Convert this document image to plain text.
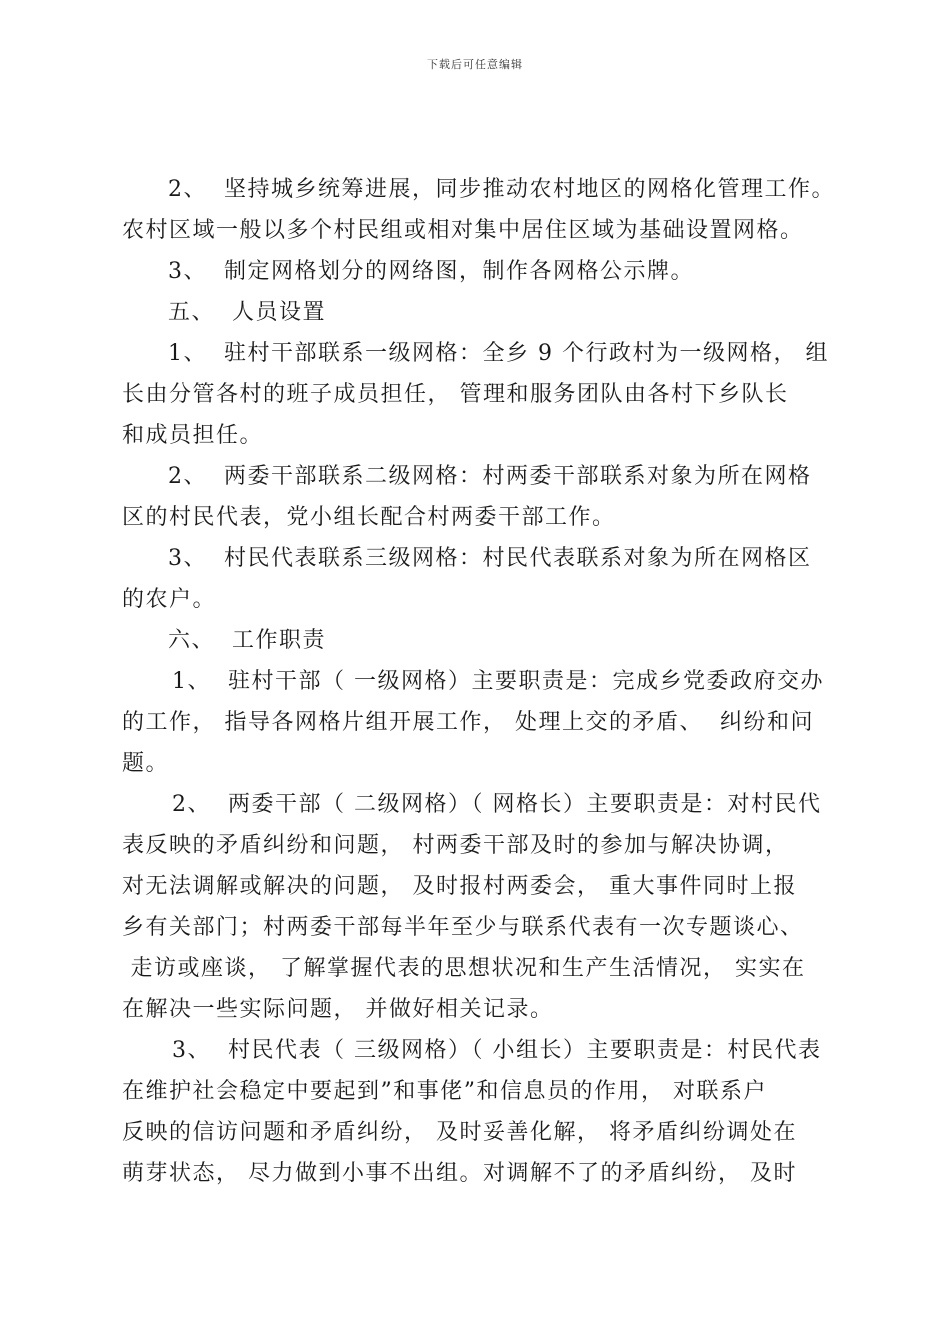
下载后可任意编辑
2、  坚持城乡统筹进展，同步推动农村地区的网格化管理工作。
农村区域一般以多个村民组或相对集中居住区域为基础设置网格。
3、  制定网格划分的网络图，制作各网格公示牌。
五、  人员设置
1、  驻村干部联系一级网格：全乡 9 个行政村为一级网格， 组
长由分管各村的班子成员担任， 管理和服务团队由各村下乡队长
和成员担任。
2、  两委干部联系二级网格：村两委干部联系对象为所在网格
区的村民代表，党小组长配合村两委干部工作。
3、  村民代表联系三级网格：村民代表联系对象为所在网格区
的农户。
六、  工作职责
1、  驻村干部（ 一级网格）主要职责是：完成乡党委政府交办
的工作， 指导各网格片组开展工作， 处理上交的矛盾、  纠纷和问
题。
2、  两委干部（ 二级网格）（ 网格长）主要职责是：对村民代
表反映的矛盾纠纷和问题， 村两委干部及时的参加与解决协调，
对无法调解或解决的问题， 及时报村两委会， 重大事件同时上报
乡有关部门；村两委干部每半年至少与联系代表有一次专题谈心、
走访或座谈， 了解掌握代表的思想状况和生产生活情况， 实实在
在解决一些实际问题， 并做好相关记录。
3、  村民代表（ 三级网格）（ 小组长）主要职责是：村民代表
在维护社会稳定中要起到”和事佬”和信息员的作用， 对联系户
反映的信访问题和矛盾纠纷， 及时妥善化解， 将矛盾纠纷调处在
萌芽状态， 尽力做到小事不出组。对调解不了的矛盾纠纷， 及时
